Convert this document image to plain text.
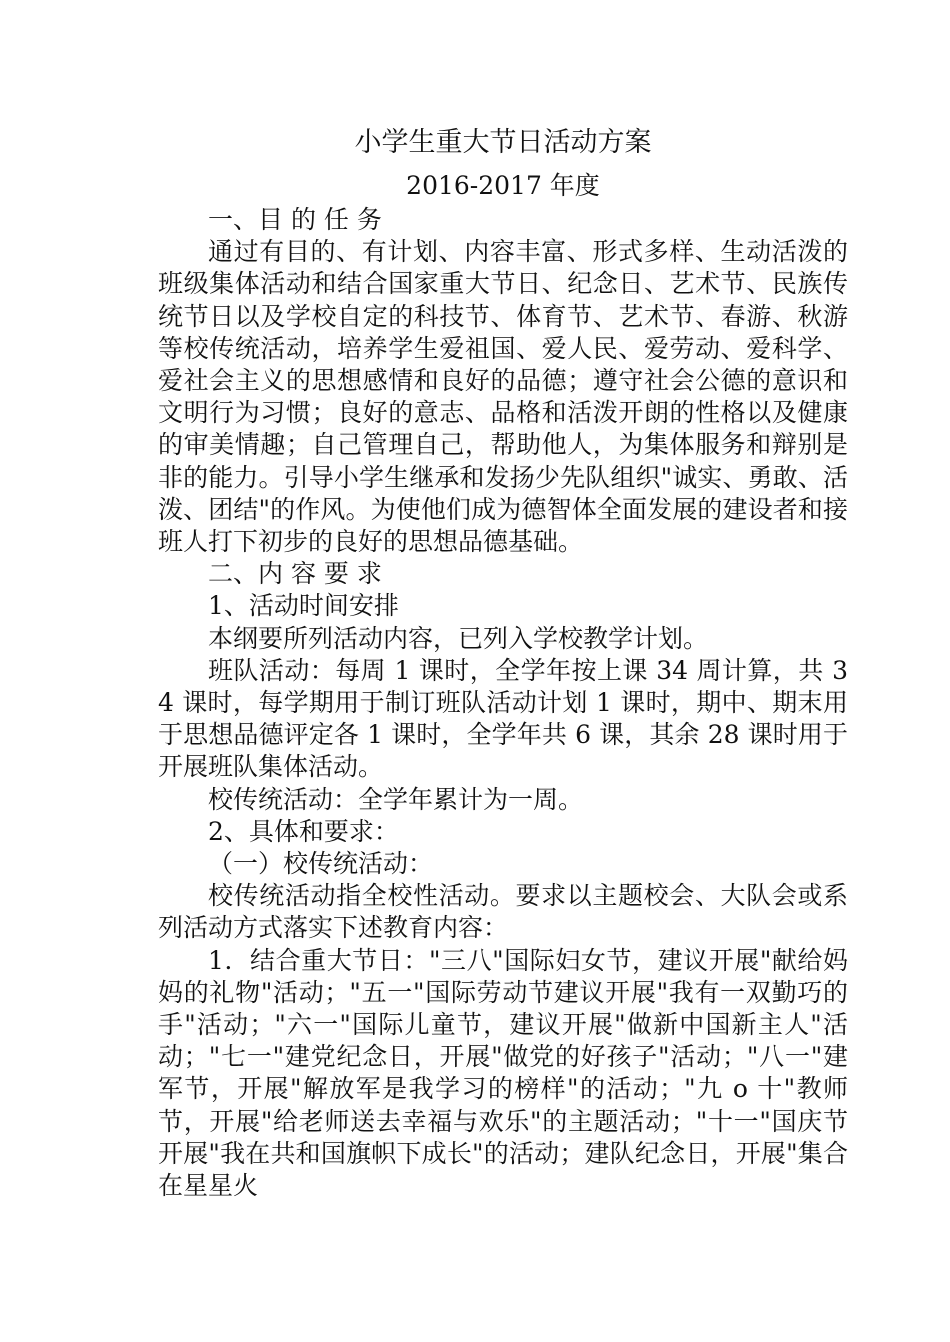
小学生重大节日活动方案
2016-2017 年度

一、目 的 任 务

通过有目的、有计划、内容丰富、形式多样、生动活泼的班级集体活动和结合国家重大节日、纪念日、艺术节、民族传统节日以及学校自定的科技节、体育节、艺术节、春游、秋游等校传统活动，培养学生爱祖国、爱人民、爱劳动、爱科学、爱社会主义的思想感情和良好的品德；遵守社会公德的意识和文明行为习惯；良好的意志、品格和活泼开朗的性格以及健康的审美情趣；自己管理自己，帮助他人，为集体服务和辩别是非的能力。引导小学生继承和发扬少先队组织"诚实、勇敢、活泼、团结"的作风。为使他们成为德智体全面发展的建设者和接班人打下初步的良好的思想品德基础。

二、内 容 要 求

1、活动时间安排

本纲要所列活动内容，已列入学校教学计划。

班队活动：每周 1 课时，全学年按上课 34 周计算，共 34 课时，每学期用于制订班队活动计划 1 课时，期中、期末用于思想品德评定各 1 课时，全学年共 6 课，其余 28 课时用于开展班队集体活动。

校传统活动：全学年累计为一周。

2、具体和要求：

（一）校传统活动：

校传统活动指全校性活动。要求以主题校会、大队会或系列活动方式落实下述教育内容：

1．结合重大节日："三八"国际妇女节，建议开展"献给妈妈的礼物"活动；"五一"国际劳动节建议开展"我有一双勤巧的手"活动；"六一"国际儿童节，建议开展"做新中国新主人"活动；"七一"建党纪念日，开展"做党的好孩子"活动；"八一"建军节，开展"解放军是我学习的榜样"的活动；"九 o 十"教师节，开展"给老师送去幸福与欢乐"的主题活动；"十一"国庆节开展"我在共和国旗帜下成长"的活动；建队纪念日，开展"集合在星星火
